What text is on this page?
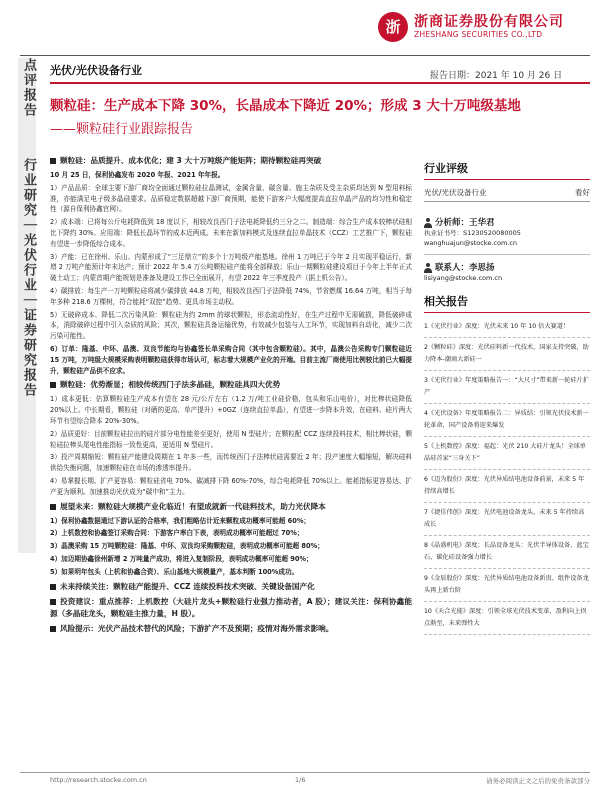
浙 浙商证券股份有限公司
ZHESHANG SECURITIES CO.,LTD
光伏/光伏设备行业	报告日期：2021 年 10 月 26 日
点评报告
行业研究｜光伏行业｜证券研究报告
颗粒硅：生产成本下降 30%，长晶成本下降近 20%；形成 3 大十万吨级基地
——颗粒硅行业跟踪报告

颗粒硅：品质提升、成本优化；建 3 大十万吨级产能矩阵；期待颗粒硅再突破

10 月 25 日，保利协鑫发布 2020 年报、2021 年年报。

1）产品品质：全球主要下游厂商均全面通过颗粒硅拉晶测试，金属含量、碳含量、施主杂质及受主杂质均达到 N 型用料标准，亦能满足电子级多晶硅要求。品质稳定数据超越下游厂商预期，能使下游客户大幅度提高直拉单晶产品的均匀性和稳定性（源自保利协鑫官网）。

2）成本端：已将每公斤电耗降低到 18 度以下，相较改良西门子法电耗降低约三分之二。制造端：综合生产成本较棒状硅相比下降约 30%。应用端：降低长晶环节的成本近两成。未来在新加料模式及连续直拉单晶技术（CCZ）工艺推广下，颗粒硅有望进一步降低综合成本。

3）产能：已在徐州、乐山、内蒙形成了“三足鼎立”的多个十万吨级产能基地。徐州 1 万吨已于今年 2 月实现平稳运行，新增 2 万吨产能预计年末达产；预计 2022 年 5.4 万公吨颗粒硅产能将全部释放；乐山一期颗粒硅建设项目于今年上半年正式破土动工；内蒙首期产能规划是准备及建设工作已全面展开，有望 2022 年三季度投产（据上机公告）。

4）碳排放：每生产一万吨颗粒硅将减少碳排放 44.8 万吨，相较改良西门子法降低 74%，节省燃煤 16.64 万吨，相当于每年多种 218.6 万棵树，符合能耗“双控”趋势、更具市场主动权。

5）无破碎成本、降低二次污染风险：颗粒硅为约 2mm 的球状颗粒，形态流动性好，在生产过程中无需破损，降低破碎成本，消除破碎过程中引入杂质的风险；其次，颗粒硅具备运输优势，有效减少包装与人工环节，实现加料自动化，减少二次污染可能性。

6）订单：隆基、中环、晶澳、双良节能均与协鑫签长单采购合同（其中包含颗粒硅）。其中，晶澳公告采购专门颗粒硅近 15 万吨，万吨级大规模采购表明颗粒硅获得市场认可，标志着大规模产业化的开端。目前主流厂商使用比例较比前已大幅提升，颗粒硅产品供不应求。

颗粒硅：优势渐显；相较传统西门子法多晶硅，颗粒硅具四大优势

1）成本更低：估算颗粒硅生产成本有望在 28 元/公斤左右（1.2 万/吨工业硅价格，包头和乐山电价），对比棒状硅降低 20%以上。中长期看，颗粒硅（对硒的更高、单产提升）+0GZ（连续直拉单晶），有望进一步降本升效，在硅料、硅片两大环节有望综合降本 20%-30%。

2）品质更好：目前颗粒硅拉出的硅片部分电性能差至更好，使用 N 型硅片；在颗粒配 CCZ 连续投料技术，相比棒状硅，颗粒硅拉棒头尾电性能指标一致性更高，更适用 N 型硅片。

3）投产周期缩短：颗粒硅产能建设周期在 1 年多一些，而传统西门子法棒状硅需要近 2 年；投产速度大幅缩短，解决硅料供给失衡问题，加速颗粒硅在市场的渗透率提升。

4）易掌握长期、扩产更容易：颗粒硅省电 70%、碳减排下降 60%-70%，综合电耗降低 70%以上。能耗指标更容易达、扩产更为顺利。加速推动光伏成为“碳中和”主力。

展望未来：颗粒硅大规模产业化临近！有望成就新一代硅料技术，助力光伏降本

1）保利协鑫数据通过下游认证的合格率，我们粗略估计近来颗粒成功概率可能超 60%；

2）上机数控和协鑫签订采购合同：下游客户率白下表，表明成功概率可能超过 70%；

3）晶澳采购 15 万吨颗粒硅：隆基、中环、双良均采购颗粒硅，表明成功概率可能超 80%；

4）加迈期协鑫徐州新增 2 万吨量产成功，将进入复制阶段，表明成功概率可能超 90%；

5）如果明年包头（上机和协鑫合资）、乐山基地大规模量产，基本判断 100%成功。

未来持续关注：颗粒硅产能提升、CCZ 连续投料技术突破、关键设备国产化

投资建议：重点推荐：上机数控（大硅片龙头+颗粒硅行业强力推动者，A 股）；建议关注：保利协鑫能源（多晶硅龙头，颗粒硅主推力量，H 股）。

风险提示：光伏产品技术替代的风险；下游扩产不及预期；疫情对海外需求影响。

行业评级
光伏/光伏设备行业	看好
分析师：王华君
执业证书号：S1230520080005
wanghuajun@stocke.com.cn
联系人：李思扬
lisiyang@stocke.com.cn
相关报告
1《光伏行业》深度：光伏未来 10 年 10 倍大赛道！
2《颗粒硅》深度：光伏硅料新一代技术，国家支持突破，助力降本-潮商大新硅一
3《光伏行业》年度策略报告一：“大尺寸”带来新一轮硅片扩产
4《光伏设备》年度策略报告二：异质结：引领光伏技术新一轮革命，国产设备将迎来爆发
5《上机数控》深度：福起：光伏 210 大硅片龙头！全球单晶硅首家“三身关下”
6《迈为股份》深度：光伏异质结电池设备前景，未来 5 年持续高增长
7《捷佳伟创》深度：光伏电池设备龙头，未来 5 年持续高成长
8《晶盛机电》深度：长晶设备龙头：光伏半导体设备、蓝宝石、碳化硅设备强力增长
9《金辰股份》深度：光伏异质结电池设备新贵、组件设备龙头再上新台阶
10《天合光能》深度：引领全球光伏技术变革，盈利向上拐点渐至，未来弹性大
http://research.stocke.com.cn	1/6	请务必阅读正文之后的免责条款部分
